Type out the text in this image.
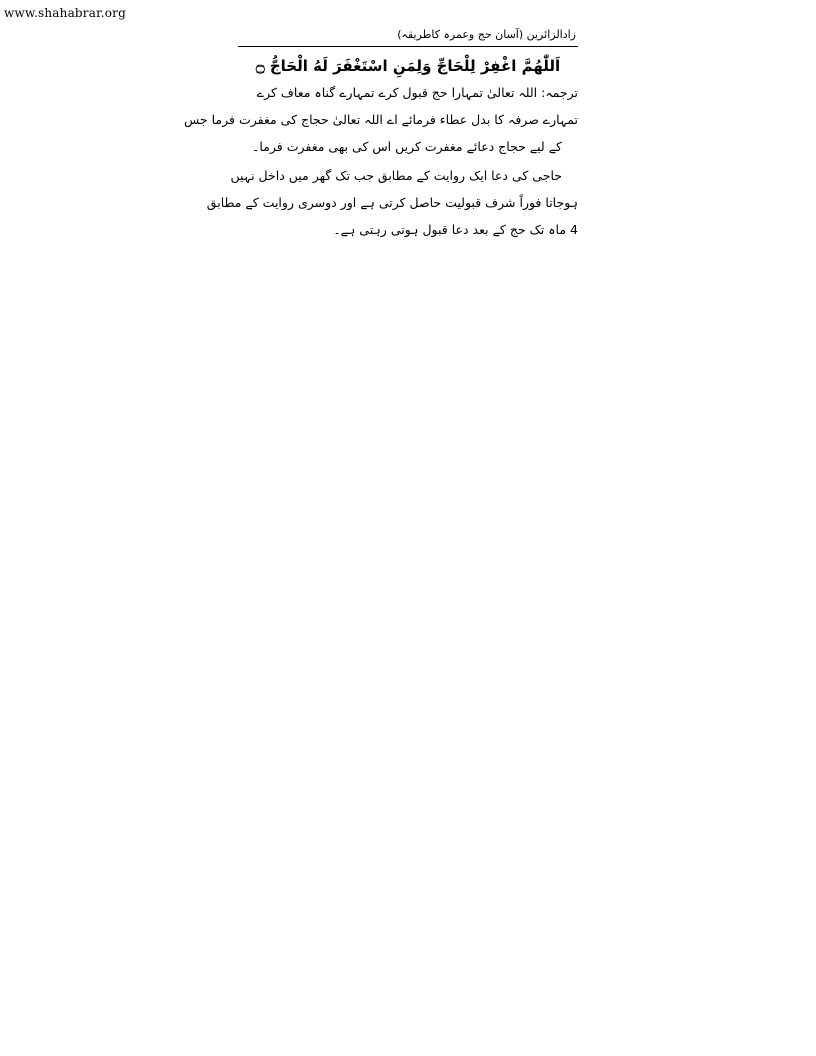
www.shahabrar.org
زادالزائرین (آسان حج وعمرہ کاطریقہ)
اَللّٰهُمَّ اغْفِرْ لِلْحَاجِّ وَلِمَنِ اسْتَغْفَرَ لَهُ الْحَاجُّ ۝
ترجمہ: اللہ تعالیٰ تمہارا حج قبول کرے تمہارے گناہ معاف کرے
تمہارے صرفہ کا بدل عطاء فرمائے اے اللہ تعالیٰ حجاج کی مغفرت فرما جس
کے لیے حجاج دعائے مغفرت کریں اس کی بھی مغفرت فرما۔
حاجی کی دعا ایک روایت کے مطابق جب تک گھر میں داخل نہیں
ہوجاتا فوراً شرف قبولیت حاصل کرتی ہے اور دوسری روایت کے مطابق
4 ماہ تک حج کے بعد دعا قبول ہوتی رہتی ہے۔
